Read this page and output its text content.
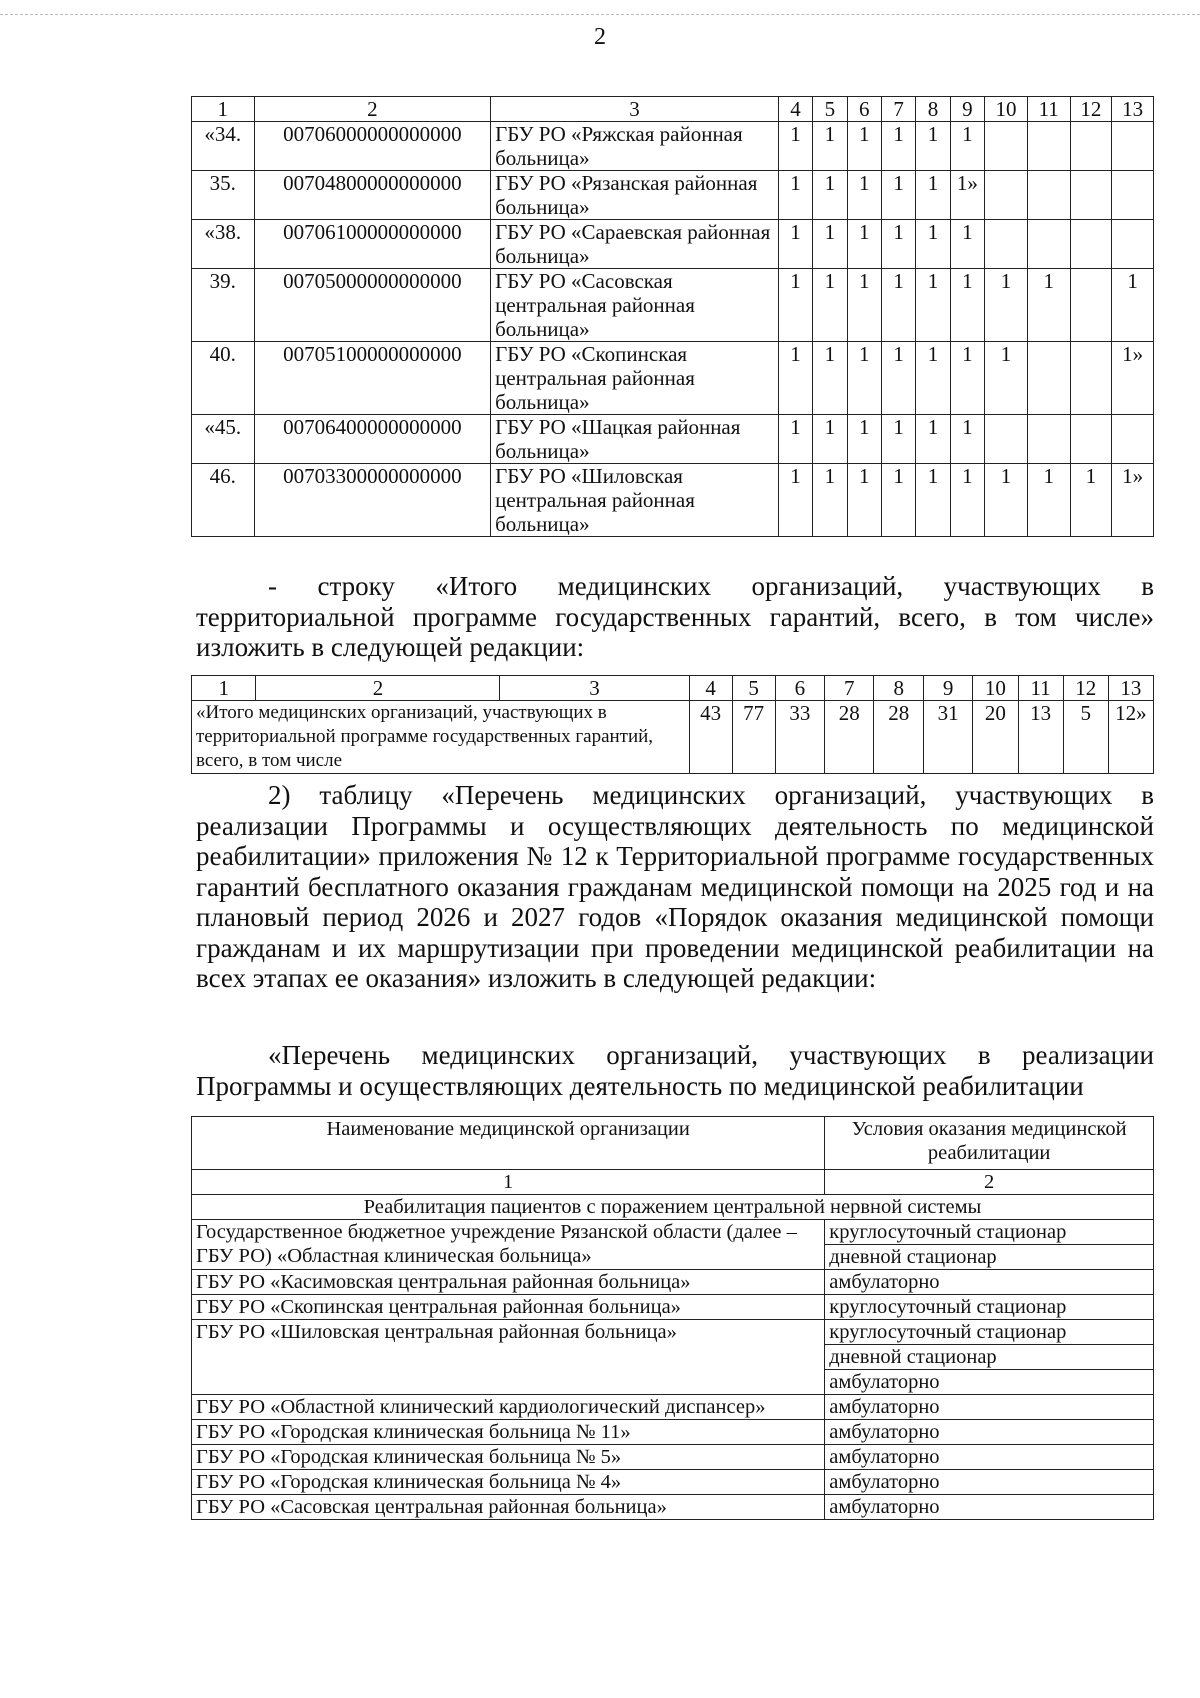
2
1	2	3	4	5	6	7	8	9	10	11	12	13
«34.	00706000000000000	ГБУ РО «Ряжская районная больница»	1	1	1	1	1	1				
35.	00704800000000000	ГБУ РО «Рязанская районная больница»	1	1	1	1	1	1»				
«38.	00706100000000000	ГБУ РО «Сараевская районная больница»	1	1	1	1	1	1				
39.	00705000000000000	ГБУ РО «Сасовская центральная районная больница»	1	1	1	1	1	1	1	1		1
40.	00705100000000000	ГБУ РО «Скопинская центральная районная больница»	1	1	1	1	1	1	1			1»
«45.	00706400000000000	ГБУ РО «Шацкая районная больница»	1	1	1	1	1	1				
46.	00703300000000000	ГБУ РО «Шиловская центральная районная больница»	1	1	1	1	1	1	1	1	1	1»

- строку «Итого медицинских организаций, участвующих в территориальной программе государственных гарантий, всего, в том числе» изложить в следующей редакции:

1	2	3	4	5	6	7	8	9	10	11	12	13
«Итого медицинских организаций, участвующих в территориальной программе государственных гарантий, всего, в том числе			43	77	33	28	28	31	20	13	5	12»

2) таблицу «Перечень медицинских организаций, участвующих в реализации Программы и осуществляющих деятельность по медицинской реабилитации» приложения № 12 к Территориальной программе государственных гарантий бесплатного оказания гражданам медицинской помощи на 2025 год и на плановый период 2026 и 2027 годов «Порядок оказания медицинской помощи гражданам и их маршрутизации при проведении медицинской реабилитации на всех этапах ее оказания» изложить в следующей редакции:

«Перечень медицинских организаций, участвующих в реализации Программы и осуществляющих деятельность по медицинской реабилитации

Наименование медицинской организации	Условия оказания медицинской реабилитации
1	2
Реабилитация пациентов с поражением центральной нервной системы	
Государственное бюджетное учреждение Рязанской области (далее – ГБУ РО) «Областная клиническая больница»	круглосуточный стационар
	дневной стационар
ГБУ РО «Касимовская центральная районная больница»	амбулаторно
ГБУ РО «Скопинская центральная районная больница»	круглосуточный стационар
ГБУ РО «Шиловская центральная районная больница»	круглосуточный стационар
	дневной стационар
	амбулаторно
ГБУ РО «Областной клинический кардиологический диспансер»	амбулаторно
ГБУ РО «Городская клиническая больница № 11»	амбулаторно
ГБУ РО «Городская клиническая больница № 5»	амбулаторно
ГБУ РО «Городская клиническая больница № 4»	амбулаторно
ГБУ РО «Сасовская центральная районная больница»	амбулаторно
